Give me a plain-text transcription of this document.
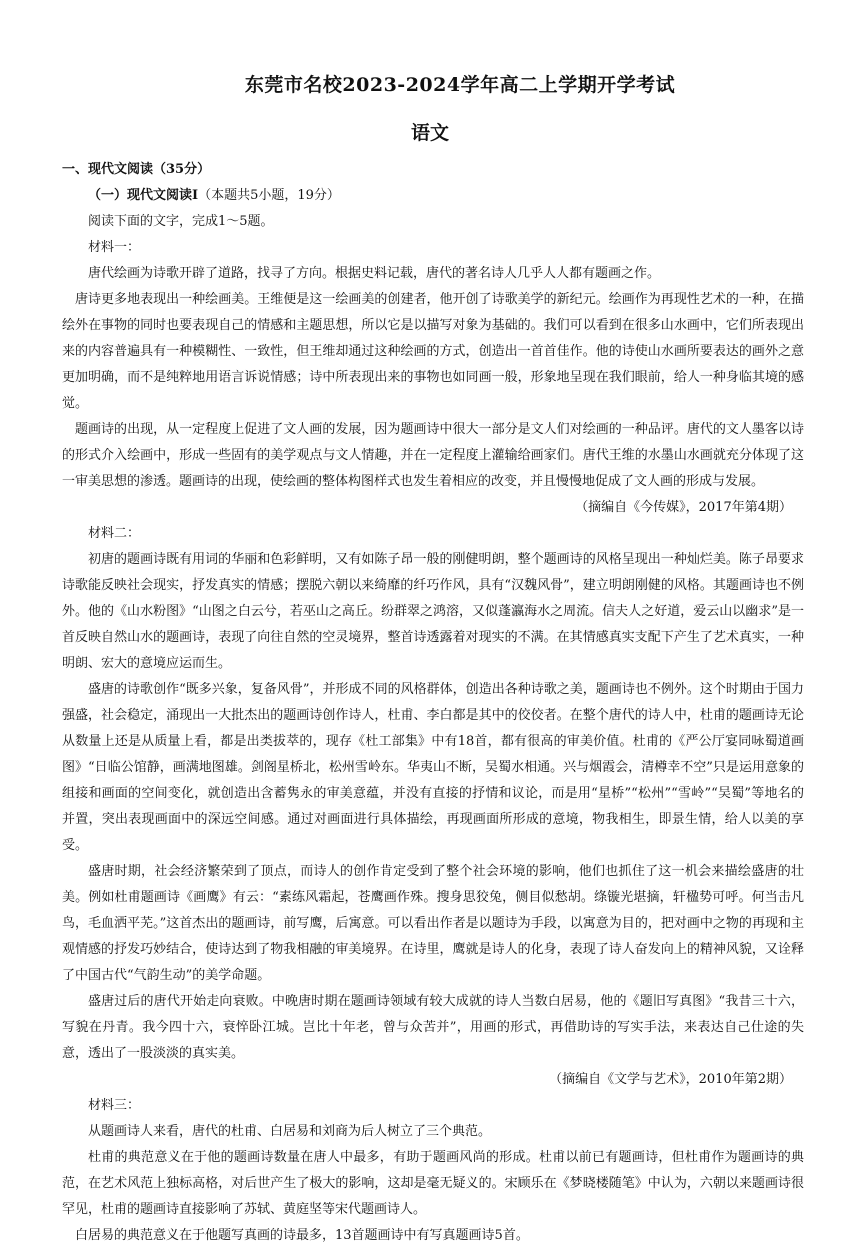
东莞市名校2023-2024学年高二上学期开学考试
语文

一、现代文阅读（35分）

（一）现代文阅读Ⅰ（本题共5小题，19分）

阅读下面的文字，完成1～5题。

材料一：

唐代绘画为诗歌开辟了道路，找寻了方向。根据史料记载，唐代的著名诗人几乎人人都有题画之作。

唐诗更多地表现出一种绘画美。王维便是这一绘画美的创建者，他开创了诗歌美学的新纪元。绘画作为再现性艺术的一种，在描绘外在事物的同时也要表现自己的情感和主题思想，所以它是以描写对象为基础的。我们可以看到在很多山水画中，它们所表现出来的内容普遍具有一种模糊性、一致性，但王维却通过这种绘画的方式，创造出一首首佳作。他的诗使山水画所要表达的画外之意更加明确，而不是纯粹地用语言诉说情感；诗中所表现出来的事物也如同画一般，形象地呈现在我们眼前，给人一种身临其境的感觉。

题画诗的出现，从一定程度上促进了文人画的发展，因为题画诗中很大一部分是文人们对绘画的一种品评。唐代的文人墨客以诗的形式介入绘画中，形成一些固有的美学观点与文人情趣，并在一定程度上灌输给画家们。唐代王维的水墨山水画就充分体现了这一审美思想的渗透。题画诗的出现，使绘画的整体构图样式也发生着相应的改变，并且慢慢地促成了文人画的形成与发展。

（摘编自《今传媒》，2017年第4期）

材料二：

初唐的题画诗既有用词的华丽和色彩鲜明，又有如陈子昂一般的刚健明朗，整个题画诗的风格呈现出一种灿烂美。陈子昂要求诗歌能反映社会现实，抒发真实的情感；摆脱六朝以来绮靡的纤巧作风，具有“汉魏风骨”，建立明朗刚健的风格。其题画诗也不例外。他的《山水粉图》“山图之白云兮，若巫山之高丘。纷群翠之鸿溶，又似蓬瀛海水之周流。信夫人之好道，爱云山以幽求”是一首反映自然山水的题画诗，表现了向往自然的空灵境界，整首诗透露着对现实的不满。在其情感真实支配下产生了艺术真实，一种明朗、宏大的意境应运而生。

盛唐的诗歌创作“既多兴象，复备风骨”，并形成不同的风格群体，创造出各种诗歌之美，题画诗也不例外。这个时期由于国力强盛，社会稳定，涌现出一大批杰出的题画诗创作诗人，杜甫、李白都是其中的佼佼者。在整个唐代的诗人中，杜甫的题画诗无论从数量上还是从质量上看，都是出类拔萃的，现存《杜工部集》中有18首，都有很高的审美价值。杜甫的《严公厅宴同咏蜀道画图》“日临公馆静，画满地图雄。剑阁星桥北，松州雪岭东。华夷山不断，吴蜀水相通。兴与烟霞会，清樽幸不空”只是运用意象的组接和画面的空间变化，就创造出含蓄隽永的审美意蕴，并没有直接的抒情和议论，而是用“星桥”“松州”“雪岭”“吴蜀”等地名的并置，突出表现画面中的深远空间感。通过对画面进行具体描绘，再现画面所形成的意境，物我相生，即景生情，给人以美的享受。

盛唐时期，社会经济繁荣到了顶点，而诗人的创作肯定受到了整个社会环境的影响，他们也抓住了这一机会来描绘盛唐的壮美。例如杜甫题画诗《画鹰》有云：“素练风霜起，苍鹰画作殊。搜身思狡兔，侧目似愁胡。绦镟光堪摘，轩楹势可呼。何当击凡鸟，毛血洒平芜。”这首杰出的题画诗，前写鹰，后寓意。可以看出作者是以题诗为手段，以寓意为目的，把对画中之物的再现和主观情感的抒发巧妙结合，使诗达到了物我相融的审美境界。在诗里，鹰就是诗人的化身，表现了诗人奋发向上的精神风貌，又诠释了中国古代“气韵生动”的美学命题。

盛唐过后的唐代开始走向衰败。中晚唐时期在题画诗领域有较大成就的诗人当数白居易，他的《题旧写真图》“我昔三十六，写貌在丹青。我今四十六，衰悴卧江城。岂比十年老，曾与众苦并”，用画的形式，再借助诗的写实手法，来表达自己仕途的失意，透出了一股淡淡的真实美。

（摘编自《文学与艺术》，2010年第2期）

材料三：

从题画诗人来看，唐代的杜甫、白居易和刘商为后人树立了三个典范。

杜甫的典范意义在于他的题画诗数量在唐人中最多，有助于题画风尚的形成。杜甫以前已有题画诗，但杜甫作为题画诗的典范，在艺术风范上独标高格，对后世产生了极大的影响，这却是毫无疑义的。宋顾乐在《梦晓楼随笔》中认为，六朝以来题画诗很罕见，杜甫的题画诗直接影响了苏轼、黄庭坚等宋代题画诗人。

白居易的典范意义在于他题写真画的诗最多，13首题画诗中有写真题画诗5首。
